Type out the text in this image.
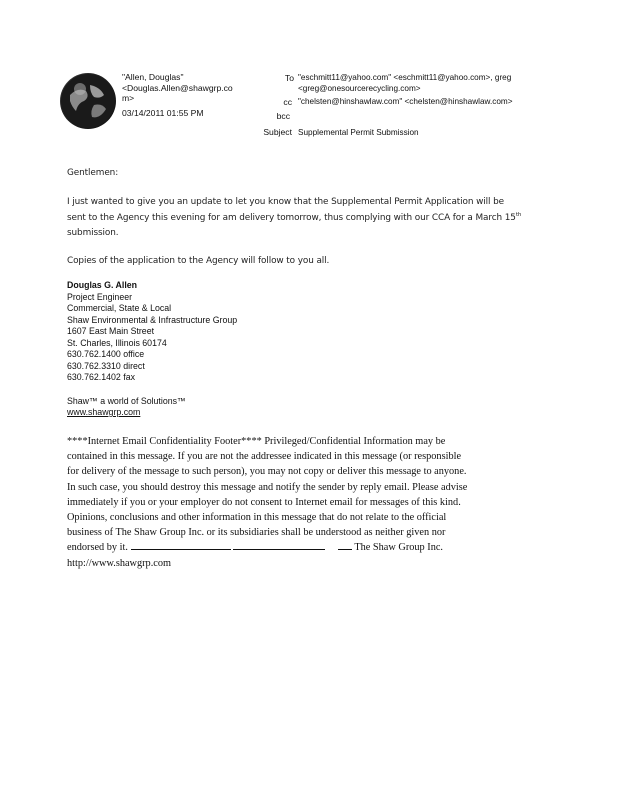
"Allen, Douglas"
<Douglas.Allen@shawgrp.co
m>
03/14/2011 01:55 PM
To "eschmitt11@yahoo.com" <eschmitt11@yahoo.com>, greg
<greg@onesourcerecycling.com>
cc "chelsten@hinshawlaw.com" <chelsten@hinshawlaw.com>
bcc
Subject Supplemental Permit Submission

Gentlemen:

I just wanted to give you an update to let you know that the Supplemental Permit Application will be

sent to the Agency this evening for am delivery tomorrow, thus complying with our CCA for a March 15th

submission.

Copies of the application to the Agency will follow to you all.

Douglas G. Allen
Project Engineer
Commercial, State & Local
Shaw Environmental & Infrastructure Group
1607 East Main Street
St. Charles, Illinois 60174
630.762.1400 office
630.762.3310 direct
630.762.1402 fax
Shaw™ a world of Solutions™
www.shawgrp.com
****Internet Email Confidentiality Footer**** Privileged/Confidential Information may be
contained in this message. If you are not the addressee indicated in this message (or responsible
for delivery of the message to such person), you may not copy or deliver this message to anyone.
In such case, you should destroy this message and notify the sender by reply email. Please advise
immediately if you or your employer do not consent to Internet email for messages of this kind.
Opinions, conclusions and other information in this message that do not relate to the official
business of The Shaw Group Inc. or its subsidiaries shall be understood as neither given nor
endorsed by it.	The Shaw Group Inc.
http://www.shawgrp.com
